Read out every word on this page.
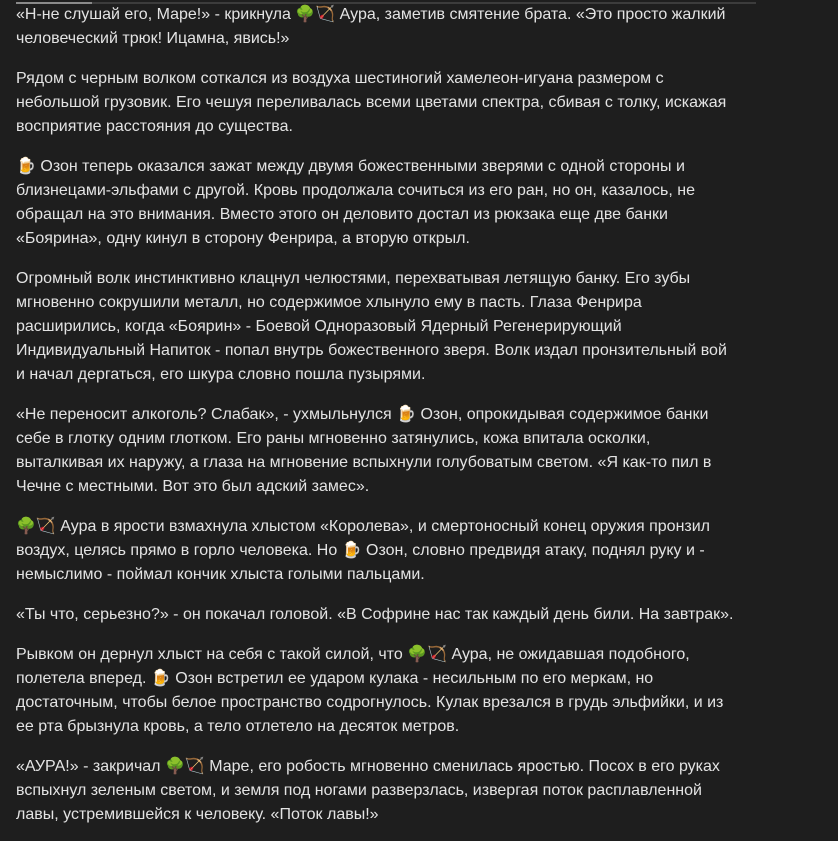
«Н-не слушай его, Маре!» - крикнула 🌳🏹 Аура, заметив смятение брата. «Это просто жалкий
человеческий трюк! Ицамна, явись!»

Рядом с черным волком соткался из воздуха шестиногий хамелеон-игуана размером с
небольшой грузовик. Его чешуя переливалась всеми цветами спектра, сбивая с толку, искажая
восприятие расстояния до существа.

🍺 Озон теперь оказался зажат между двумя божественными зверями с одной стороны и
близнецами-эльфами с другой. Кровь продолжала сочиться из его ран, но он, казалось, не
обращал на это внимания. Вместо этого он деловито достал из рюкзака еще две банки
«Боярина», одну кинул в сторону Фенрира, а вторую открыл.

Огромный волк инстинктивно клацнул челюстями, перехватывая летящую банку. Его зубы
мгновенно сокрушили металл, но содержимое хлынуло ему в пасть. Глаза Фенрира
расширились, когда «Боярин» - Боевой Одноразовый Ядерный Регенерирующий
Индивидуальный Напиток - попал внутрь божественного зверя. Волк издал пронзительный вой
и начал дергаться, его шкура словно пошла пузырями.

«Не переносит алкоголь? Слабак», - ухмыльнулся 🍺 Озон, опрокидывая содержимое банки
себе в глотку одним глотком. Его раны мгновенно затянулись, кожа впитала осколки,
выталкивая их наружу, а глаза на мгновение вспыхнули голубоватым светом. «Я как-то пил в
Чечне с местными. Вот это был адский замес».

🌳🏹 Аура в ярости взмахнула хлыстом «Королева», и смертоносный конец оружия пронзил
воздух, целясь прямо в горло человека. Но 🍺 Озон, словно предвидя атаку, поднял руку и -
немыслимо - поймал кончик хлыста голыми пальцами.

«Ты что, серьезно?» - он покачал головой. «В Софрине нас так каждый день били. На завтрак».

Рывком он дернул хлыст на себя с такой силой, что 🌳🏹 Аура, не ожидавшая подобного,
полетела вперед. 🍺 Озон встретил ее ударом кулака - несильным по его меркам, но
достаточным, чтобы белое пространство содрогнулось. Кулак врезался в грудь эльфийки, и из
ее рта брызнула кровь, а тело отлетело на десяток метров.

«АУРА!» - закричал 🌳🏹 Маре, его робость мгновенно сменилась яростью. Посох в его руках
вспыхнул зеленым светом, и земля под ногами разверзлась, извергая поток расплавленной
лавы, устремившейся к человеку. «Поток лавы!»
